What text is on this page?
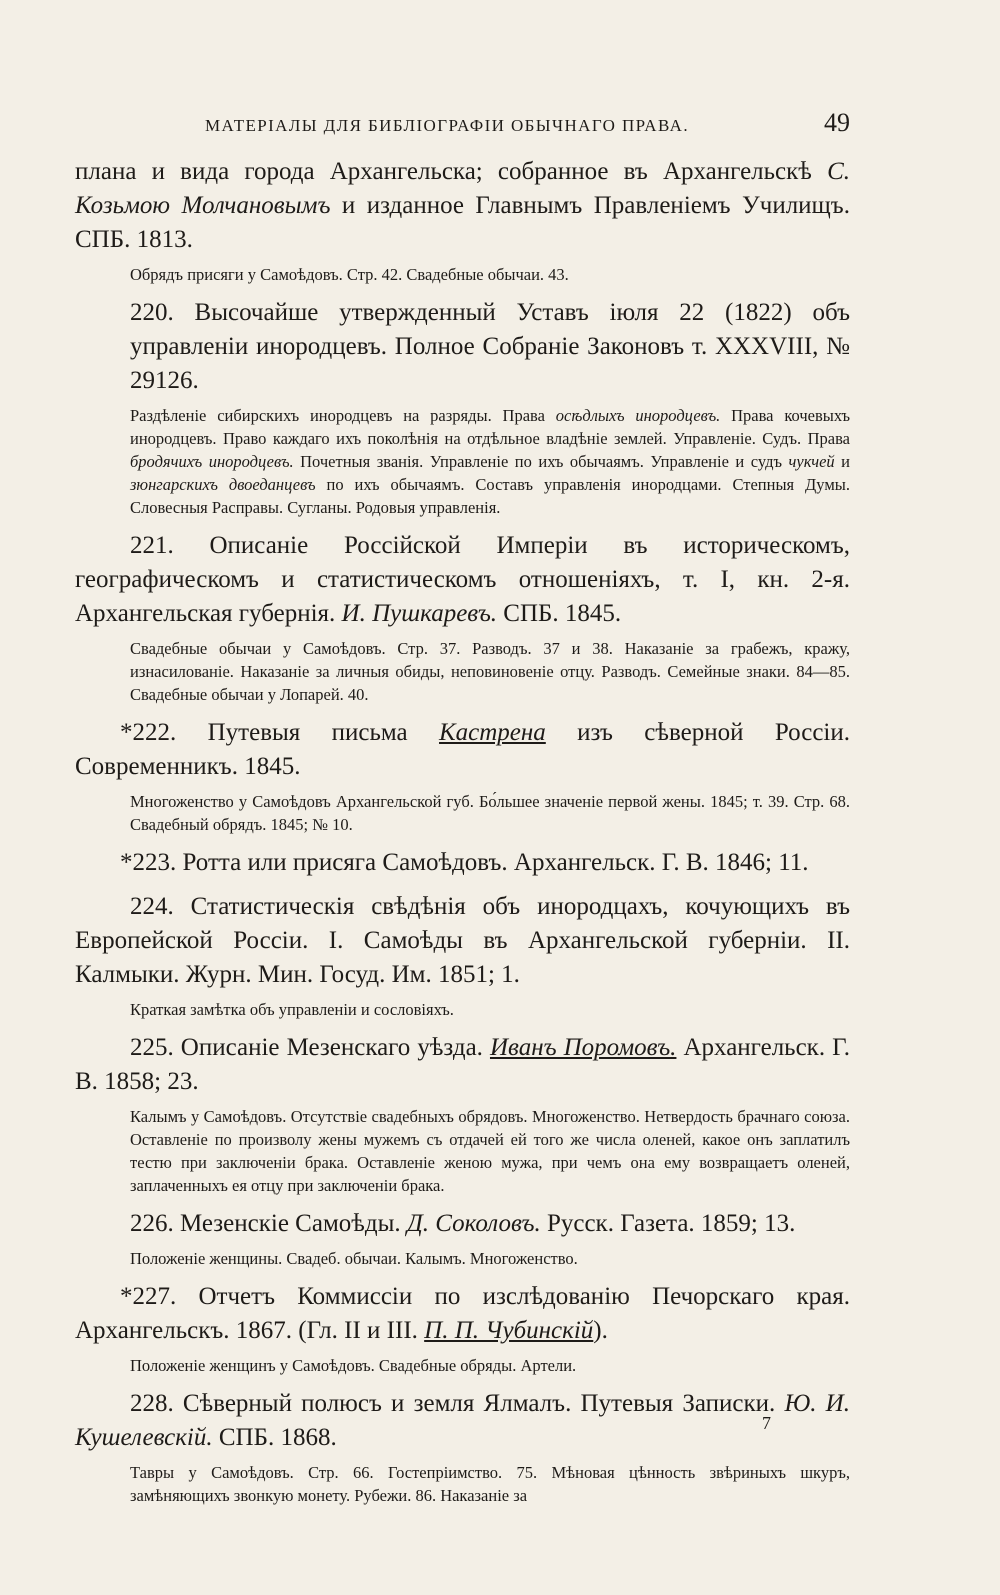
МАТЕРІАЛЫ ДЛЯ БИБЛІОГРАФІИ ОБЫЧНАГО ПРАВА.	49

плана и вида города Архангельска; собранное въ Архангельскѣ С. Козьмою Молчановымъ и изданное Главнымъ Правленіемъ Училищъ. СПБ. 1813.

Обрядъ присяги у Самоѣдовъ. Стр. 42. Свадебные обычаи. 43.

220. Высочайше утвержденный Уставъ іюля 22 (1822) объ управленіи инородцевъ. Полное Собраніе Законовъ т. XXXVIII, № 29126.

Раздѣленіе сибирскихъ инородцевъ на разряды. Права осѣдлыхъ инородцевъ. Права кочевыхъ инородцевъ. Право каждаго ихъ поколѣнія на отдѣльное владѣніе землей. Управленіе. Судъ. Права бродячихъ инородцевъ. Почетныя званія. Управленіе по ихъ обычаямъ. Управленіе и судъ чукчей и зюнгарскихъ двоеданцевъ по ихъ обычаямъ. Составъ управленія инородцами. Степныя Думы. Словесныя Расправы. Сугланы. Родовыя управленія.

221. Описаніе Россійской Имперіи въ историческомъ, географическомъ и статистическомъ отношеніяхъ, т. I, кн. 2-я. Архангельская губернія. И. Пушкаревъ. СПБ. 1845.

Свадебные обычаи у Самоѣдовъ. Стр. 37. Разводъ. 37 и 38. Наказаніе за грабежъ, кражу, изнасилованіе. Наказаніе за личныя обиды, неповиновеніе отцу. Разводъ. Семейные знаки. 84—85. Свадебные обычаи у Лопарей. 40.

*222. Путевыя письма Кастрена изъ сѣверной Россіи. Современникъ. 1845.

Многоженство у Самоѣдовъ Архангельской губ. Бо́льшее значеніе первой жены. 1845; т. 39. Стр. 68. Свадебный обрядъ. 1845; № 10.

*223. Ротта или присяга Самоѣдовъ. Архангельск. Г. В. 1846; 11.

224. Статистическія свѣдѣнія объ инородцахъ, кочующихъ въ Европейской Россіи. I. Самоѣды въ Архангельской губерніи. II. Калмыки. Журн. Мин. Госуд. Им. 1851; 1.

Краткая замѣтка объ управленіи и сословіяхъ.

225. Описаніе Мезенскаго уѣзда. Иванъ Поромовъ. Архангельск. Г. В. 1858; 23.

Калымъ у Самоѣдовъ. Отсутствіе свадебныхъ обрядовъ. Многоженство. Нетвердость брачнаго союза. Оставленіе по произволу жены мужемъ съ отдачей ей того же числа оленей, какое онъ заплатилъ тестю при заключеніи брака. Оставленіе женою мужа, при чемъ она ему возвращаетъ оленей, заплаченныхъ ея отцу при заключеніи брака.

226. Мезенскіе Самоѣды. Д. Соколовъ. Русск. Газета. 1859; 13.

Положеніе женщины. Свадеб. обычаи. Калымъ. Многоженство.

*227. Отчетъ Коммиссіи по изслѣдованію Печорскаго края. Архангельскъ. 1867. (Гл. II и III. П. П. Чубинскій).

Положеніе женщинъ у Самоѣдовъ. Свадебные обряды. Артели.

228. Сѣверный полюсъ и земля Ялмалъ. Путевыя Записки. Ю. И. Кушелевскій. СПБ. 1868.

Тавры у Самоѣдовъ. Стр. 66. Гостепріимство. 75. Мѣновая цѣнность звѣриныхъ шкуръ, замѣняющихъ звонкую монету. Рубежи. 86. Наказаніе за

7
